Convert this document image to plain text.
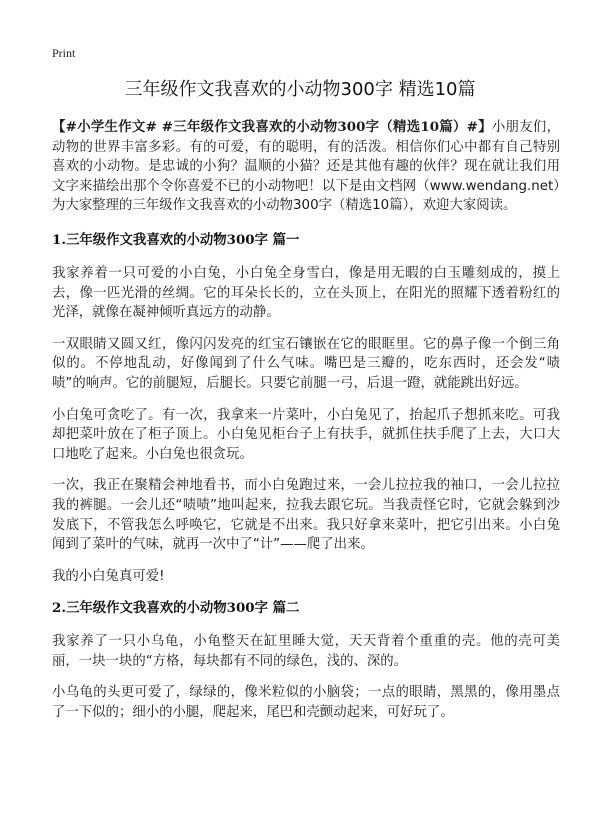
Print
三年级作文我喜欢的小动物300字 精选10篇

【#小学生作文# #三年级作文我喜欢的小动物300字（精选10篇）#】小朋友们，动物的世界丰富多彩。有的可爱，有的聪明，有的活泼。相信你们心中都有自己特别喜欢的小动物。是忠诚的小狗？温顺的小猫？还是其他有趣的伙伴？现在就让我们用文字来描绘出那个令你喜爱不已的小动物吧！以下是由文档网（www.wendang.net）为大家整理的三年级作文我喜欢的小动物300字（精选10篇），欢迎大家阅读。

1.三年级作文我喜欢的小动物300字 篇一

我家养着一只可爱的小白兔，小白兔全身雪白，像是用无暇的白玉雕刻成的，摸上去，像一匹光滑的丝绸。它的耳朵长长的，立在头顶上，在阳光的照耀下透着粉红的光泽，就像在凝神倾听真远方的动静。

一双眼睛又圆又红，像闪闪发亮的红宝石镶嵌在它的眼眶里。它的鼻子像一个倒三角似的。不停地乱动，好像闻到了什么气味。嘴巴是三瓣的，吃东西时，还会发“啧啧”的响声。它的前腿短，后腿长。只要它前腿一弓，后退一蹬，就能跳出好远。

小白兔可贪吃了。有一次，我拿来一片菜叶，小白兔见了，抬起爪子想抓来吃。可我却把菜叶放在了柜子顶上。小白兔见柜台子上有扶手，就抓住扶手爬了上去，大口大口地吃了起来。小白兔也很贪玩。

一次，我正在聚精会神地看书，而小白兔跑过来，一会儿拉拉我的袖口，一会儿拉拉我的裤腿。一会儿还“啧啧”地叫起来，拉我去跟它玩。当我责怪它时，它就会躲到沙发底下，不管我怎么呼唤它，它就是不出来。我只好拿来菜叶，把它引出来。小白兔闻到了菜叶的气味，就再一次中了“计”——爬了出来。

我的小白兔真可爱!

2.三年级作文我喜欢的小动物300字 篇二

我家养了一只小乌龟，小龟整天在缸里睡大觉，天天背着个重重的壳。他的壳可美丽，一块一块的“方格，每块都有不同的绿色，浅的、深的。

小乌龟的头更可爱了，绿绿的，像米粒似的小脑袋；一点的眼睛，黑黑的，像用墨点了一下似的；细小的小腿，爬起来，尾巴和壳颤动起来，可好玩了。
